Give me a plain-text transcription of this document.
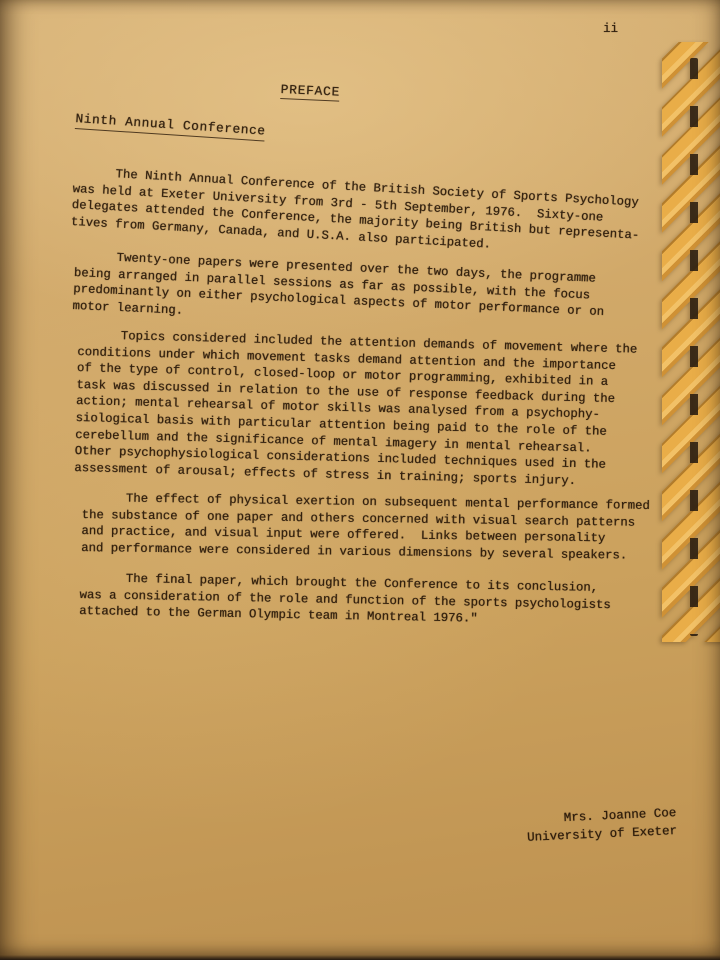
ii
PREFACE
Ninth Annual Conference
The Ninth Annual Conference of the British Society of Sports Psychology
was held at Exeter University from 3rd - 5th September, 1976.  Sixty-one
delegates attended the Conference, the majority being British but representa-
tives from Germany, Canada, and U.S.A. also participated.
Twenty-one papers were presented over the two days, the programme
being arranged in parallel sessions as far as possible, with the focus
predominantly on either psychological aspects of motor performance or on
motor learning.
Topics considered included the attention demands of movement where the
conditions under which movement tasks demand attention and the importance
of the type of control, closed-loop or motor programming, exhibited in a
task was discussed in relation to the use of response feedback during the
action; mental rehearsal of motor skills was analysed from a psychophy-
siological basis with particular attention being paid to the role of the
cerebellum and the significance of mental imagery in mental rehearsal.
Other psychophysiological considerations included techniques used in the
assessment of arousal; effects of stress in training; sports injury.
The effect of physical exertion on subsequent mental performance formed
the substance of one paper and others concerned with visual search patterns
and practice, and visual input were offered.  Links between personality
and performance were considered in various dimensions by several speakers.
The final paper, which brought the Conference to its conclusion,
was a consideration of the role and function of the sports psychologists
attached to the German Olympic team in Montreal 1976."
Mrs. Joanne Coe
University of Exeter
